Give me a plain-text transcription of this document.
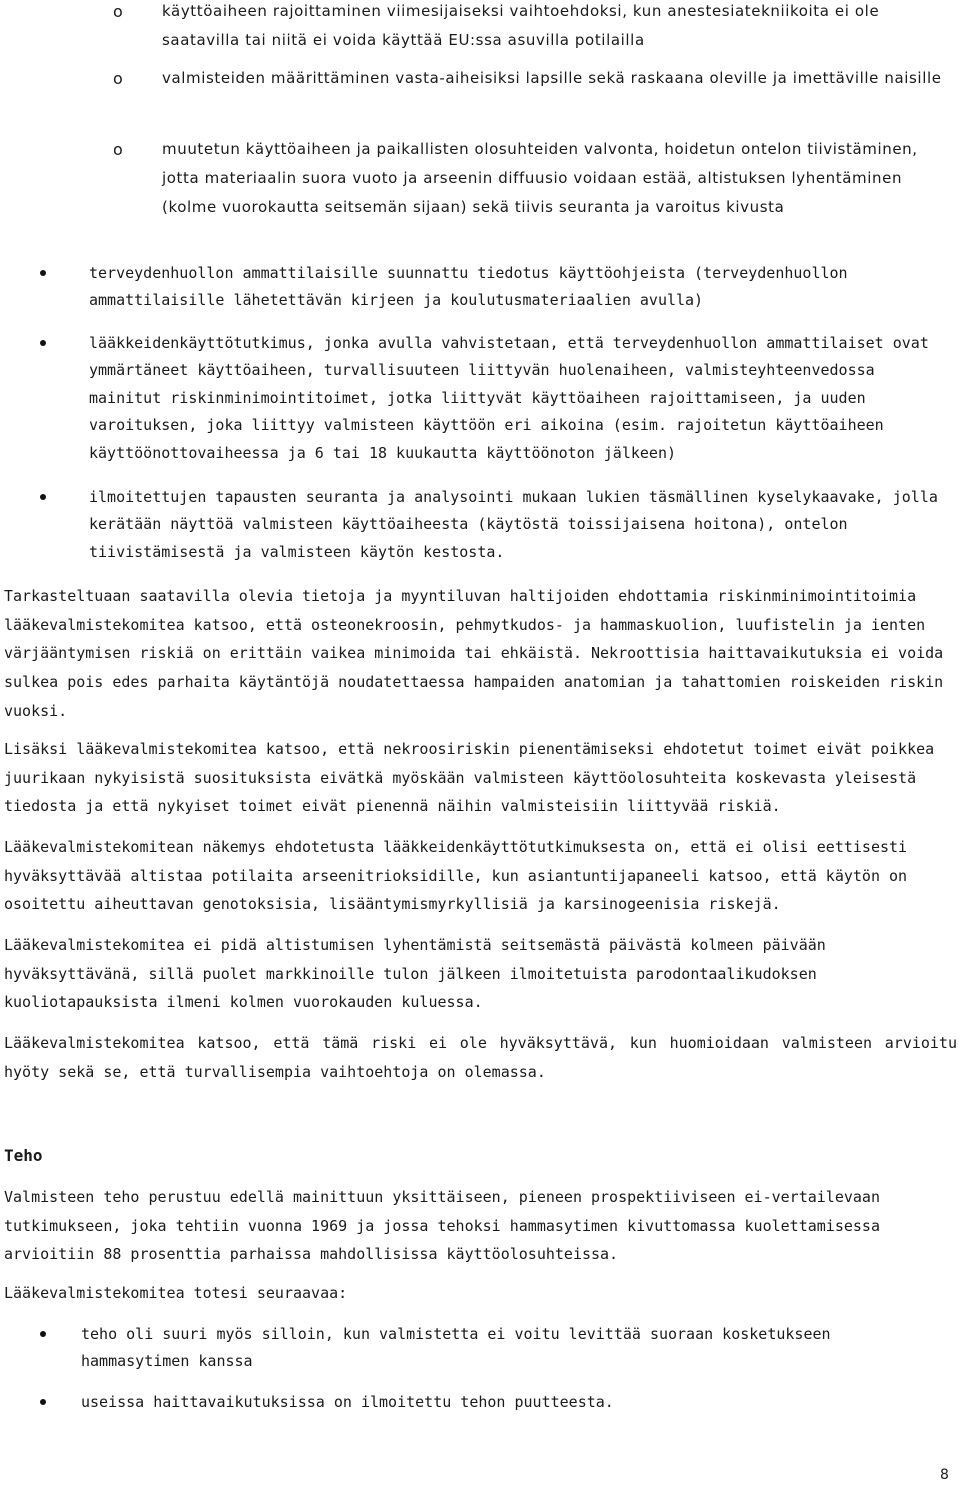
o	käyttöaiheen rajoittaminen viimesijaiseksi vaihtoehdoksi, kun anestesiatekniikoita ei ole saatavilla tai niitä ei voida käyttää EU:ssa asuvilla potilailla
o	valmisteiden määrittäminen vasta-aiheisiksi lapsille sekä raskaana oleville ja imettäville naisille
o	muutetun käyttöaiheen ja paikallisten olosuhteiden valvonta, hoidetun ontelon tiivistäminen, jotta materiaalin suora vuoto ja arseenin diffuusio voidaan estää, altistuksen lyhentäminen (kolme vuorokautta seitsemän sijaan) sekä tiivis seuranta ja varoitus kivusta
terveydenhuollon ammattilaisille suunnattu tiedotus käyttöohjeista (terveydenhuollon ammattilaisille lähetettävän kirjeen ja koulutusmateriaalien avulla)
lääkkeidenkäyttötutkimus, jonka avulla vahvistetaan, että terveydenhuollon ammattilaiset ovat ymmärtäneet käyttöaiheen, turvallisuuteen liittyvän huolenaiheen, valmisteyhteenvedossa mainitut riskinminimointitoimet, jotka liittyvät käyttöaiheen rajoittamiseen, ja uuden varoituksen, joka liittyy valmisteen käyttöön eri aikoina (esim. rajoitetun käyttöaiheen käyttöönottovaiheessa ja 6 tai 18 kuukautta käyttöönoton jälkeen)
ilmoitettujen tapausten seuranta ja analysointi mukaan lukien täsmällinen kyselykaavake, jolla kerätään näyttöä valmisteen käyttöaiheesta (käytöstä toissijaisena hoitona), ontelon tiivistämisestä ja valmisteen käytön kestosta.
Tarkasteltuaan saatavilla olevia tietoja ja myyntiluvan haltijoiden ehdottamia riskinminimointitoimia lääkevalmistekomitea katsoo, että osteonekroosin, pehmytkudos- ja hammaskuolion, luufistelin ja ienten värjääntymisen riskiä on erittäin vaikea minimoida tai ehkäistä. Nekroottisia haittavaikutuksia ei voida sulkea pois edes parhaita käytäntöjä noudatettaessa hampaiden anatomian ja tahattomien roiskeiden riskin vuoksi.
Lisäksi lääkevalmistekomitea katsoo, että nekroosiriskin pienentämiseksi ehdotetut toimet eivät poikkea juurikaan nykyisistä suosituksista eivätkä myöskään valmisteen käyttöolosuhteita koskevasta yleisestä tiedosta ja että nykyiset toimet eivät pienennä näihin valmisteisiin liittyvää riskiä.
Lääkevalmistekomitean näkemys ehdotetusta lääkkeidenkäyttötutkimuksesta on, että ei olisi eettisesti hyväksyttävää altistaa potilaita arseenitrioksidille, kun asiantuntijapaneeli katsoo, että käytön on osoitettu aiheuttavan genotoksisia, lisääntymismyrkyllisiä ja karsinogeenisia riskejä.
Lääkevalmistekomitea ei pidä altistumisen lyhentämistä seitsemästä päivästä kolmeen päivään hyväksyttävänä, sillä puolet markkinoille tulon jälkeen ilmoitetuista parodontaalikudoksen kuoliotapauksista ilmeni kolmen vuorokauden kuluessa.
Lääkevalmistekomitea katsoo, että tämä riski ei ole hyväksyttävä, kun huomioidaan valmisteen arvioitu hyöty sekä se, että turvallisempia vaihtoehtoja on olemassa.
Teho
Valmisteen teho perustuu edellä mainittuun yksittäiseen, pieneen prospektiiviseen ei-vertailevaan tutkimukseen, joka tehtiin vuonna 1969 ja jossa tehoksi hammasytimen kivuttomassa kuolettamisessa arvioitiin 88 prosenttia parhaissa mahdollisissa käyttöolosuhteissa.
Lääkevalmistekomitea totesi seuraavaa:
teho oli suuri myös silloin, kun valmistetta ei voitu levittää suoraan kosketukseen hammasytimen kanssa
useissa haittavaikutuksissa on ilmoitettu tehon puutteesta.
8
